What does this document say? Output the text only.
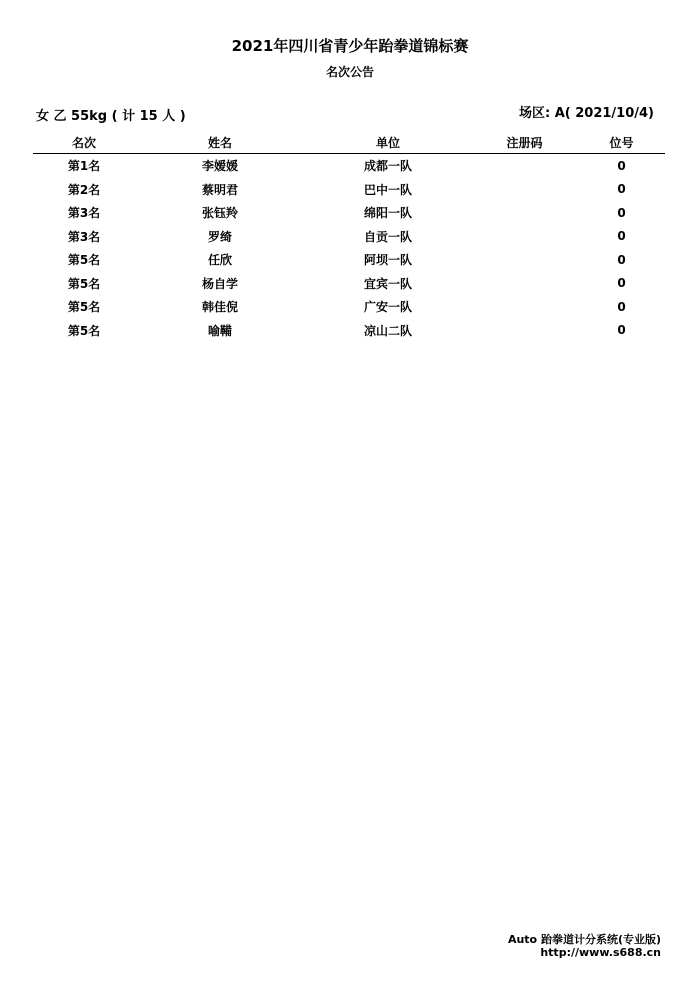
2021年四川省青少年跆拳道锦标赛
名次公告
女 乙 55kg ( 计 15 人 )	场区: A( 2021/10/4)
名次	姓名	单位	注册码	位号
第1名	李嫒媛	成都一队		0
第2名	蔡明君	巴中一队		0
第3名	张钰羚	绵阳一队		0
第3名	罗绮	自贡一队		0
第5名	任欣	阿坝一队		0
第5名	杨自学	宜宾一队		0
第5名	韩佳倪	广安一队		0
第5名	喻鞴	凉山二队		0
Auto 跆拳道计分系统(专业版)
http://www.s688.cn
